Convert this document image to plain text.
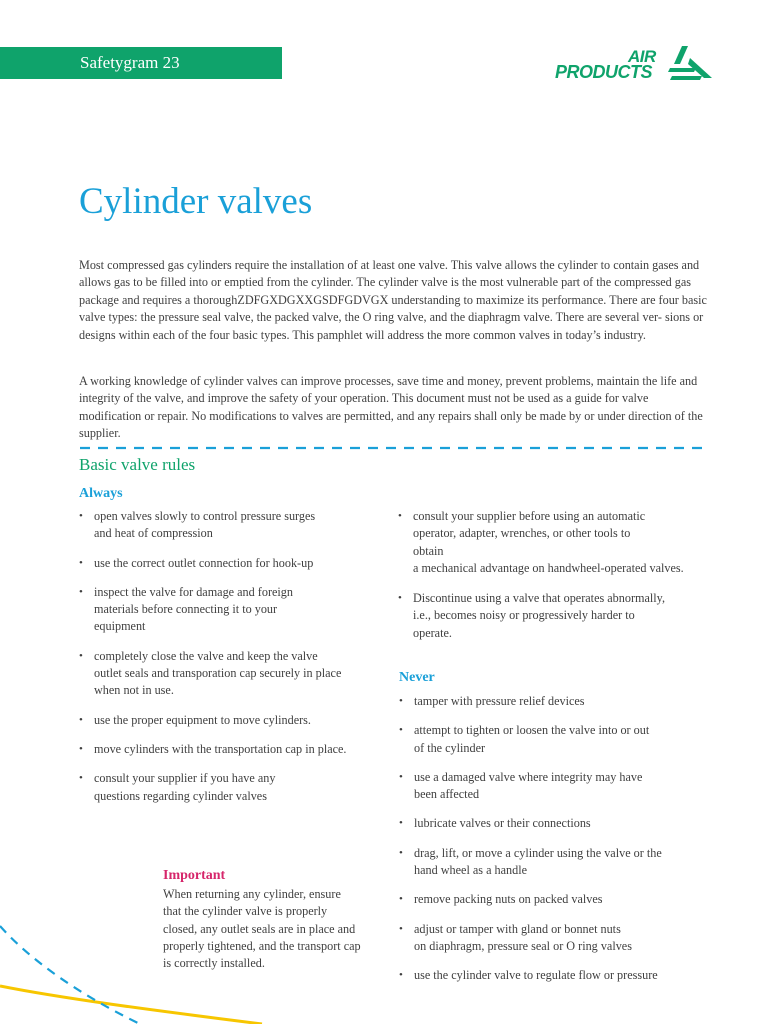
Safetygram 23	AIR
PRODUCTS
Cylinder valves

Most compressed gas cylinders require the installation of at least one valve. This valve allows the cylinder to contain gases and allows gas to be filled into or emptied from the cylinder. The cylinder valve is the most vulnerable part of the compressed gas package and requires a thoroughZDFGXDGXXGSDFGDVGX understanding to maximize its performance. There are four basic valve types: the pressure seal valve, the packed valve, the O ring valve, and the diaphragm valve. There are several ver- sions or designs within each of the four basic types. This pamphlet will address the more common valves in today’s industry.

A working knowledge of cylinder valves can improve processes, save time and money, prevent problems, maintain the life and integrity of the valve, and improve the safety of your operation. This document must not be used as a guide for valve modification or repair. No modifications to valves are permitted, and any repairs shall only be made by or under direction of the supplier.

Basic valve rules
Always
• open valves slowly to control pressure surges
and heat of compression
• use the correct outlet connection for hook-up
• inspect the valve for damage and foreign
materials before connecting it to your
equipment
• completely close the valve and keep the valve
outlet seals and transporation cap securely in place
when not in use.
• use the proper equipment to move cylinders.
• move cylinders with the transportation cap in place.
• consult your supplier if you have any
questions regarding cylinder valves
• consult your supplier before using an automatic
operator, adapter, wrenches, or other tools to
obtain
a mechanical advantage on handwheel-operated valves.
• Discontinue using a valve that operates abnormally,
i.e., becomes noisy or progressively harder to
operate.
Never
• tamper with pressure relief devices
• attempt to tighten or loosen the valve into or out
of the cylinder
• use a damaged valve where integrity may have
been affected
• lubricate valves or their connections
• drag, lift, or move a cylinder using the valve or the
hand wheel as a handle
• remove packing nuts on packed valves
• adjust or tamper with gland or bonnet nuts
on diaphragm, pressure seal or O ring valves
• use the cylinder valve to regulate flow or pressure
Important

When returning any cylinder, ensure
that the cylinder valve is properly
closed, any outlet seals are in place and
properly tightened, and the transport cap
is correctly installed.
